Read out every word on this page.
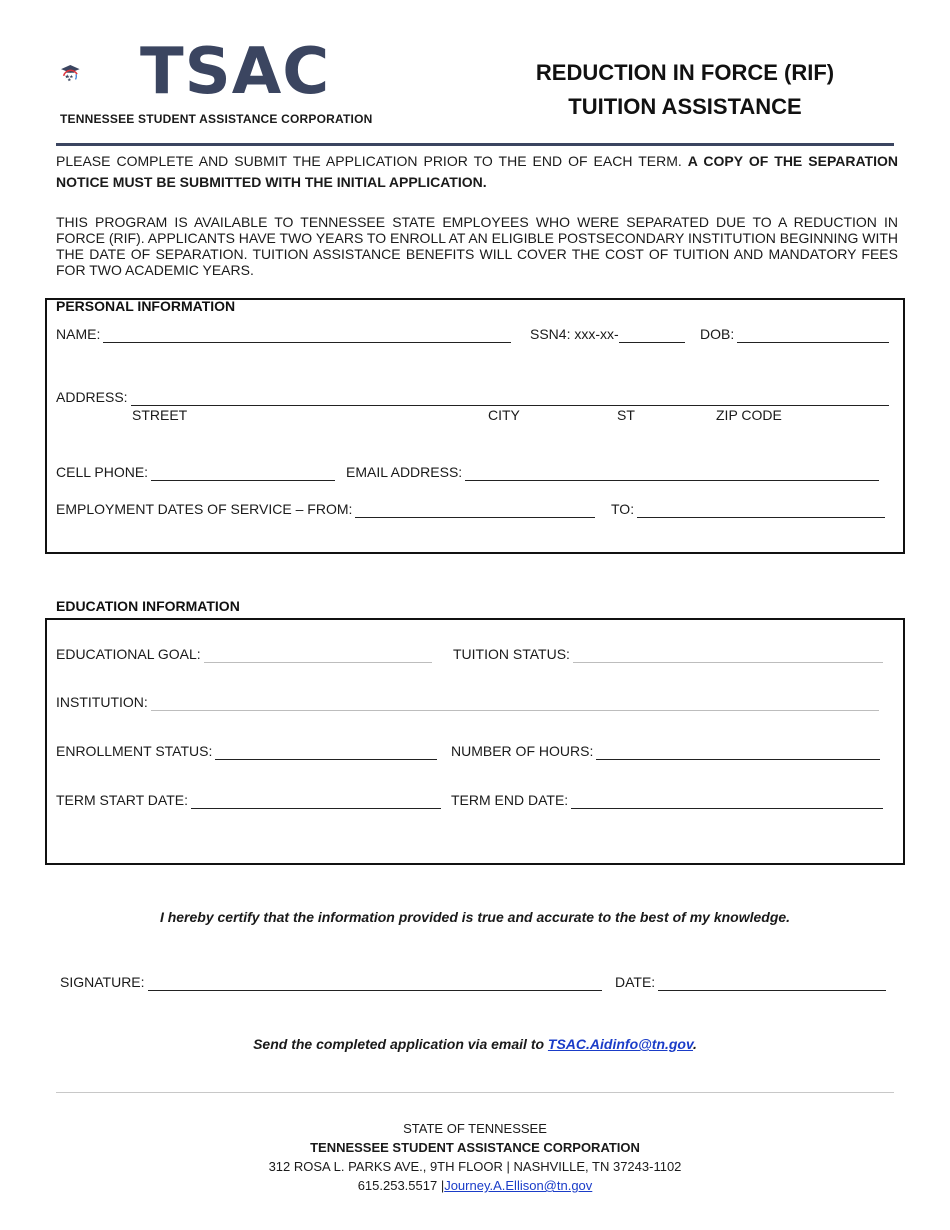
TSAC
TENNESSEE STUDENT ASSISTANCE CORPORATION
REDUCTION IN FORCE (RIF)
TUITION ASSISTANCE
PLEASE COMPLETE AND SUBMIT THE APPLICATION PRIOR TO THE END OF EACH TERM. A COPY OF THE SEPARATION NOTICE MUST BE SUBMITTED WITH THE INITIAL APPLICATION.
THIS PROGRAM IS AVAILABLE TO TENNESSEE STATE EMPLOYEES WHO WERE SEPARATED DUE TO A REDUCTION IN FORCE (RIF). APPLICANTS HAVE TWO YEARS TO ENROLL AT AN ELIGIBLE POSTSECONDARY INSTITUTION BEGINNING WITH THE DATE OF SEPARATION. TUITION ASSISTANCE BENEFITS WILL COVER THE COST OF TUITION AND MANDATORY FEES FOR TWO ACADEMIC YEARS.
PERSONAL INFORMATION
NAME:	SSN4: xxx-xx-	DOB:
ADDRESS:
STREET	CITY	ST	ZIP CODE
CELL PHONE:	EMAIL ADDRESS:
EMPLOYMENT DATES OF SERVICE – FROM:	TO:
EDUCATION INFORMATION
EDUCATIONAL GOAL:	TUITION STATUS:
INSTITUTION:
ENROLLMENT STATUS:	NUMBER OF HOURS:
TERM START DATE:	TERM END DATE:
I hereby certify that the information provided is true and accurate to the best of my knowledge.
SIGNATURE:	DATE:
Send the completed application via email to TSAC.Aidinfo@tn.gov.
STATE OF TENNESSEE
TENNESSEE STUDENT ASSISTANCE CORPORATION
312 ROSA L. PARKS AVE., 9TH FLOOR | NASHVILLE, TN 37243-1102
615.253.5517 |Journey.A.Ellison@tn.gov
